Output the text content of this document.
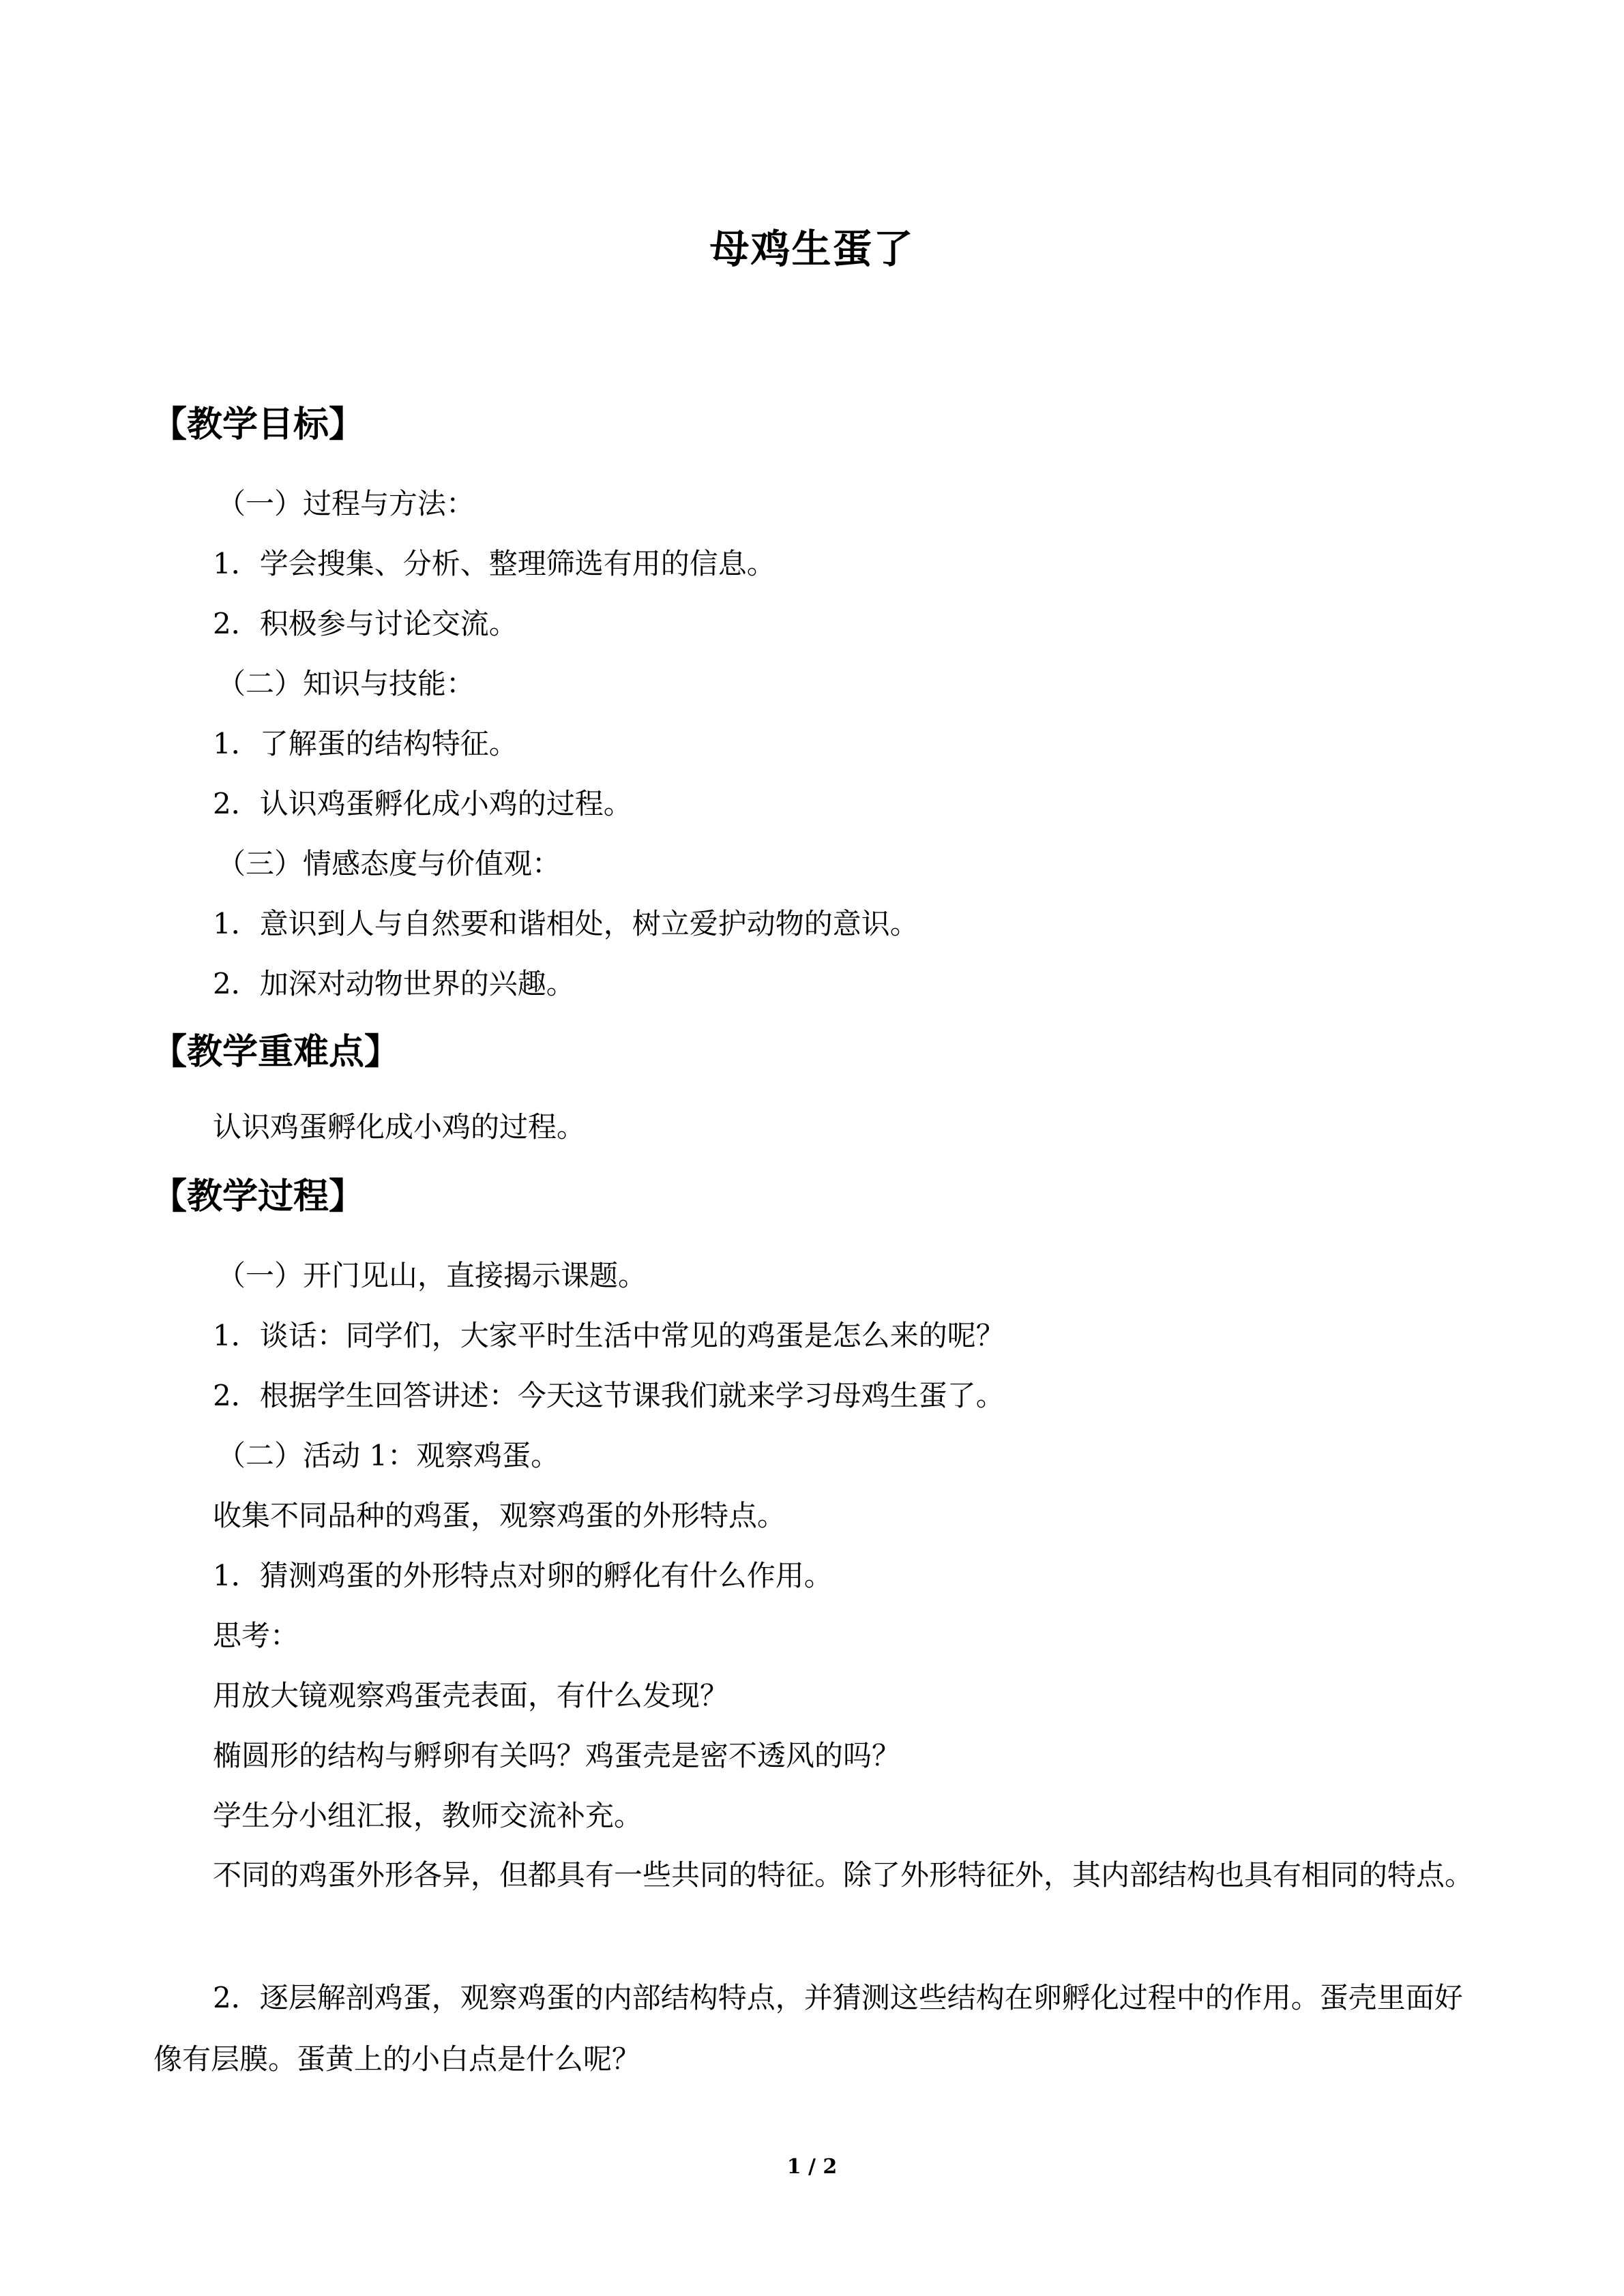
母鸡生蛋了
【教学目标】
（一）过程与方法：
1．学会搜集、分析、整理筛选有用的信息。
2．积极参与讨论交流。
（二）知识与技能：
1．了解蛋的结构特征。
2．认识鸡蛋孵化成小鸡的过程。
（三）情感态度与价值观：
1．意识到人与自然要和谐相处，树立爱护动物的意识。
2．加深对动物世界的兴趣。
【教学重难点】
认识鸡蛋孵化成小鸡的过程。
【教学过程】
（一）开门见山，直接揭示课题。
1．谈话：同学们，大家平时生活中常见的鸡蛋是怎么来的呢？
2．根据学生回答讲述：今天这节课我们就来学习母鸡生蛋了。
（二）活动 1：观察鸡蛋。
收集不同品种的鸡蛋，观察鸡蛋的外形特点。
1．猜测鸡蛋的外形特点对卵的孵化有什么作用。
思考：
用放大镜观察鸡蛋壳表面，有什么发现？
椭圆形的结构与孵卵有关吗？鸡蛋壳是密不透风的吗？
学生分小组汇报，教师交流补充。
不同的鸡蛋外形各异，但都具有一些共同的特征。除了外形特征外，其内部结构也具有相同的特点。
2．逐层解剖鸡蛋，观察鸡蛋的内部结构特点，并猜测这些结构在卵孵化过程中的作用。蛋壳里面好像有层膜。蛋黄上的小白点是什么呢？
1 / 2
